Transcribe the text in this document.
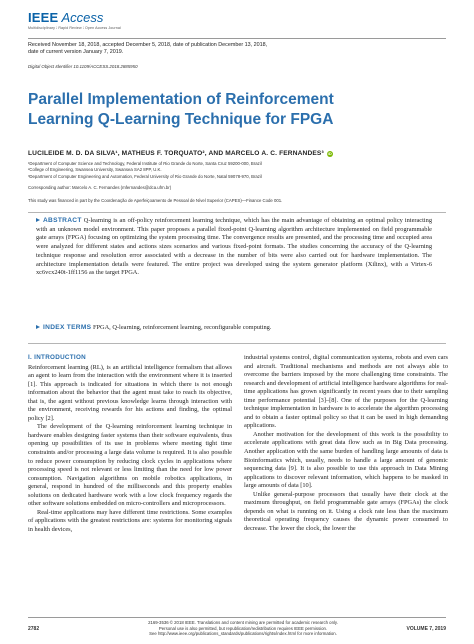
IEEE Access
Multidisciplinary ⁞ Rapid Review ⁞ Open Access Journal
Received November 18, 2018, accepted December 5, 2018, date of publication December 13, 2018,
date of current version January 7, 2019.
Digital Object Identifier 10.1109/ACCESS.2018.2885950
Parallel Implementation of Reinforcement
Learning Q-Learning Technique for FPGA
LUCILEIDE M. D. DA SILVA¹, MATHEUS F. TORQUATO², AND MARCELO A. C. FERNANDES³ iD
¹Department of Computer Science and Technology, Federal Institute of Rio Grande do Norte, Santa Cruz 59200-000, Brazil
²College of Engineering, Swansea University, Swansea SA2 8PP, U.K.
³Department of Computer Engineering and Automation, Federal University of Rio Grande do Norte, Natal 59078-970, Brazil
Corresponding author: Marcelo A. C. Fernandes (mfernandes@dca.ufrn.br)
This study was financed in part by the Coordenação de Aperfeiçoamento de Pessoal de Nível Superior (CAPES)—Finance Code 001.
ABSTRACT Q-learning is an off-policy reinforcement learning technique, which has the main advantage of obtaining an optimal policy interacting with an unknown model environment. This paper proposes a parallel fixed-point Q-learning algorithm architecture implemented on field programmable gate arrays (FPGA) focusing on optimizing the system processing time. The convergence results are presented, and the processing time and occupied area were analyzed for different states and actions sizes scenarios and various fixed-point formats. The studies concerning the accuracy of the Q-learning technique response and resolution error associated with a decrease in the number of bits were also carried out for hardware implementation. The architecture implementation details were featured. The entire project was developed using the system generator platform (Xilinx), with a Virtex-6 xc6vcx240t-1ff1156 as the target FPGA.
INDEX TERMS FPGA, Q-learning, reinforcement learning, reconfigurable computing.
I. INTRODUCTION

Reinforcement learning (RL), is an artificial intelligence formalism that allows an agent to learn from the interaction with the environment where it is inserted [1]. This approach is indicated for situations in which there is not enough information about the behavior that the agent must take to reach its objective, that is, the agent without previous knowledge learns through interaction with the environment, receiving rewards for his actions and finding, the optimal policy [2].

The development of the Q-learning reinforcement learning technique in hardware enables designing faster systems than their software equivalents, thus opening up possibilities of its use in problems where meeting tight time constraints and/or processing a large data volume is required. It is also possible to reduce power consumption by reducing clock cycles in applications where processing speed is not relevant or less limiting than the need for low power consumption. Navigation algorithms on mobile robotics applications, in general, respond in hundred of the milliseconds and this property enables solutions on dedicated hardware work with a low clock frequency regards the other software solutions embedded on micro-controllers and microprocessors.

Real-time applications may have different time restrictions. Some examples of applications with the greatest restrictions are: systems for monitoring signals in health devices,

industrial systems control, digital communication systems, robots and even cars and aircraft. Traditional mechanisms and methods are not always able to overcome the barriers imposed by the more challenging time constraints. The research and development of artificial intelligence hardware algorithms for real-time applications has grown significantly in recent years due to their sampling time performance potential [3]–[8]. One of the purposes for the Q-learning technique implementation in hardware is to accelerate the algorithm processing and to obtain a faster optimal policy so that it can be used in high demanding applications.

Another motivation for the development of this work is the possibility to accelerate applications with great data flow such as in Big Data processing. Another application with the same burden of handling large amounts of data is Bioinformatics which, usually, needs to handle a large amount of genomic sequencing data [9]. It is also possible to use this approach in Data Mining applications to discover relevant information, which happens to be masked in large amounts of data [10].

Unlike general-purpose processors that usually have their clock at the maximum throughput, on field programmable gate arrays (FPGAs) the clock depends on what is running on it. Using a clock rate less than the maximum theoretical operating frequency causes the dynamic power consumed to decrease. The lower the clock, the lower the

2782
2169-3536 © 2018 IEEE. Translations and content mining are permitted for academic research only.
Personal use is also permitted, but republication/redistribution requires IEEE permission.
See http://www.ieee.org/publications_standards/publications/rights/index.html for more information.
VOLUME 7, 2019
